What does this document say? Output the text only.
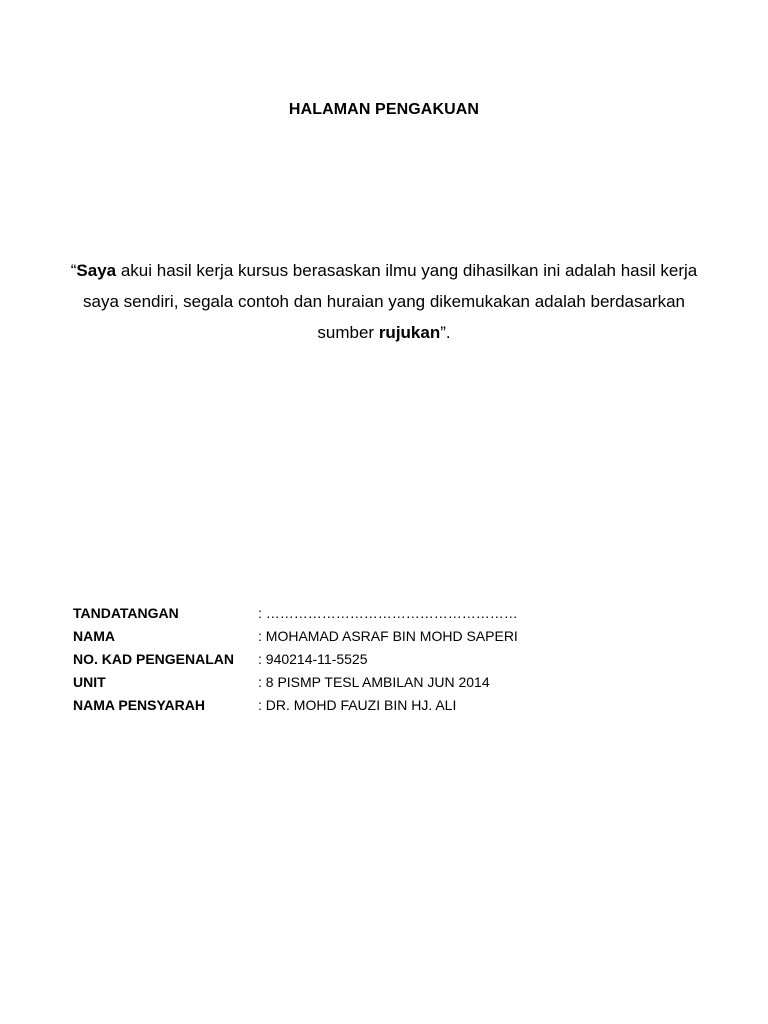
HALAMAN PENGAKUAN
“Saya akui hasil kerja kursus berasaskan ilmu yang dihasilkan ini adalah hasil kerja saya sendiri, segala contoh dan huraian yang dikemukakan adalah berdasarkan sumber rujukan”.
TANDATANGAN	: ………………………………………………
NAMA	: MOHAMAD ASRAF BIN MOHD SAPERI
NO. KAD PENGENALAN	: 940214-11-5525
UNIT	: 8 PISMP TESL AMBILAN JUN 2014
NAMA PENSYARAH	: DR. MOHD FAUZI BIN HJ. ALI
